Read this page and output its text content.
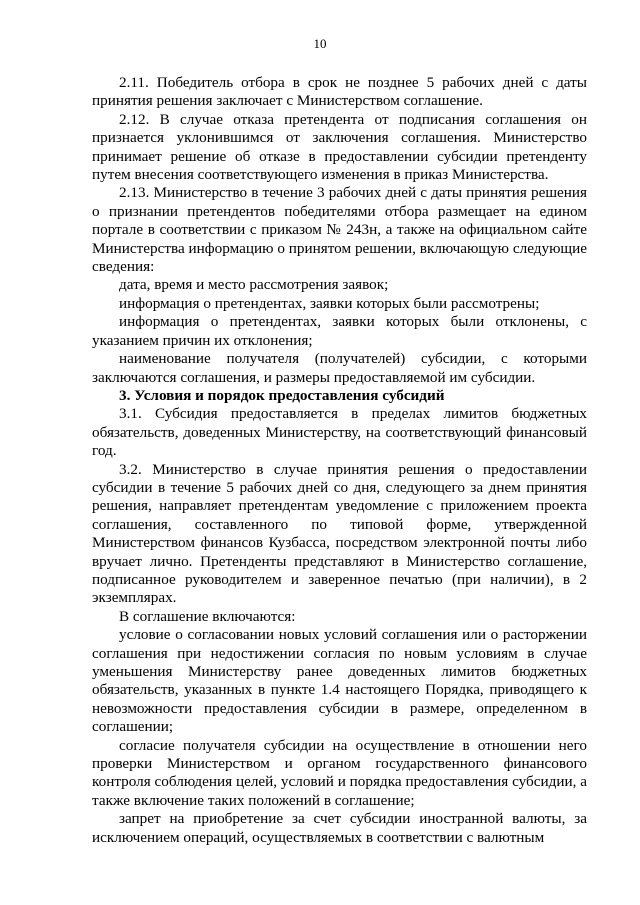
10

2.11. Победитель отбора в срок не позднее 5 рабочих дней с даты принятия решения заключает с Министерством соглашение.

2.12. В случае отказа претендента от подписания соглашения он признается уклонившимся от заключения соглашения. Министерство принимает решение об отказе в предоставлении субсидии претенденту путем внесения соответствующего изменения в приказ Министерства.

2.13. Министерство в течение 3 рабочих дней с даты принятия решения о признании претендентов победителями отбора размещает на едином портале в соответствии с приказом № 243н, а также на официальном сайте Министерства информацию о принятом решении, включающую следующие сведения:

дата, время и место рассмотрения заявок;

информация о претендентах, заявки которых были рассмотрены;

информация о претендентах, заявки которых были отклонены, с указанием причин их отклонения;

наименование получателя (получателей) субсидии, с которыми заключаются соглашения, и размеры предоставляемой им субсидии.

3. Условия и порядок предоставления субсидий

3.1. Субсидия предоставляется в пределах лимитов бюджетных обязательств, доведенных Министерству, на соответствующий финансовый год.

3.2. Министерство в случае принятия решения о предоставлении субсидии в течение 5 рабочих дней со дня, следующего за днем принятия решения, направляет претендентам уведомление с приложением проекта соглашения, составленного по типовой форме, утвержденной Министерством финансов Кузбасса, посредством электронной почты либо вручает лично. Претенденты представляют в Министерство соглашение, подписанное руководителем и заверенное печатью (при наличии), в 2 экземплярах.

В соглашение включаются:

условие о согласовании новых условий соглашения или о расторжении соглашения при недостижении согласия по новым условиям в случае уменьшения Министерству ранее доведенных лимитов бюджетных обязательств, указанных в пункте 1.4 настоящего Порядка, приводящего к невозможности предоставления субсидии в размере, определенном в соглашении;

согласие получателя субсидии на осуществление в отношении него проверки Министерством и органом государственного финансового контроля соблюдения целей, условий и порядка предоставления субсидии, а также включение таких положений в соглашение;

запрет на приобретение за счет субсидии иностранной валюты, за исключением операций, осуществляемых в соответствии с валютным
